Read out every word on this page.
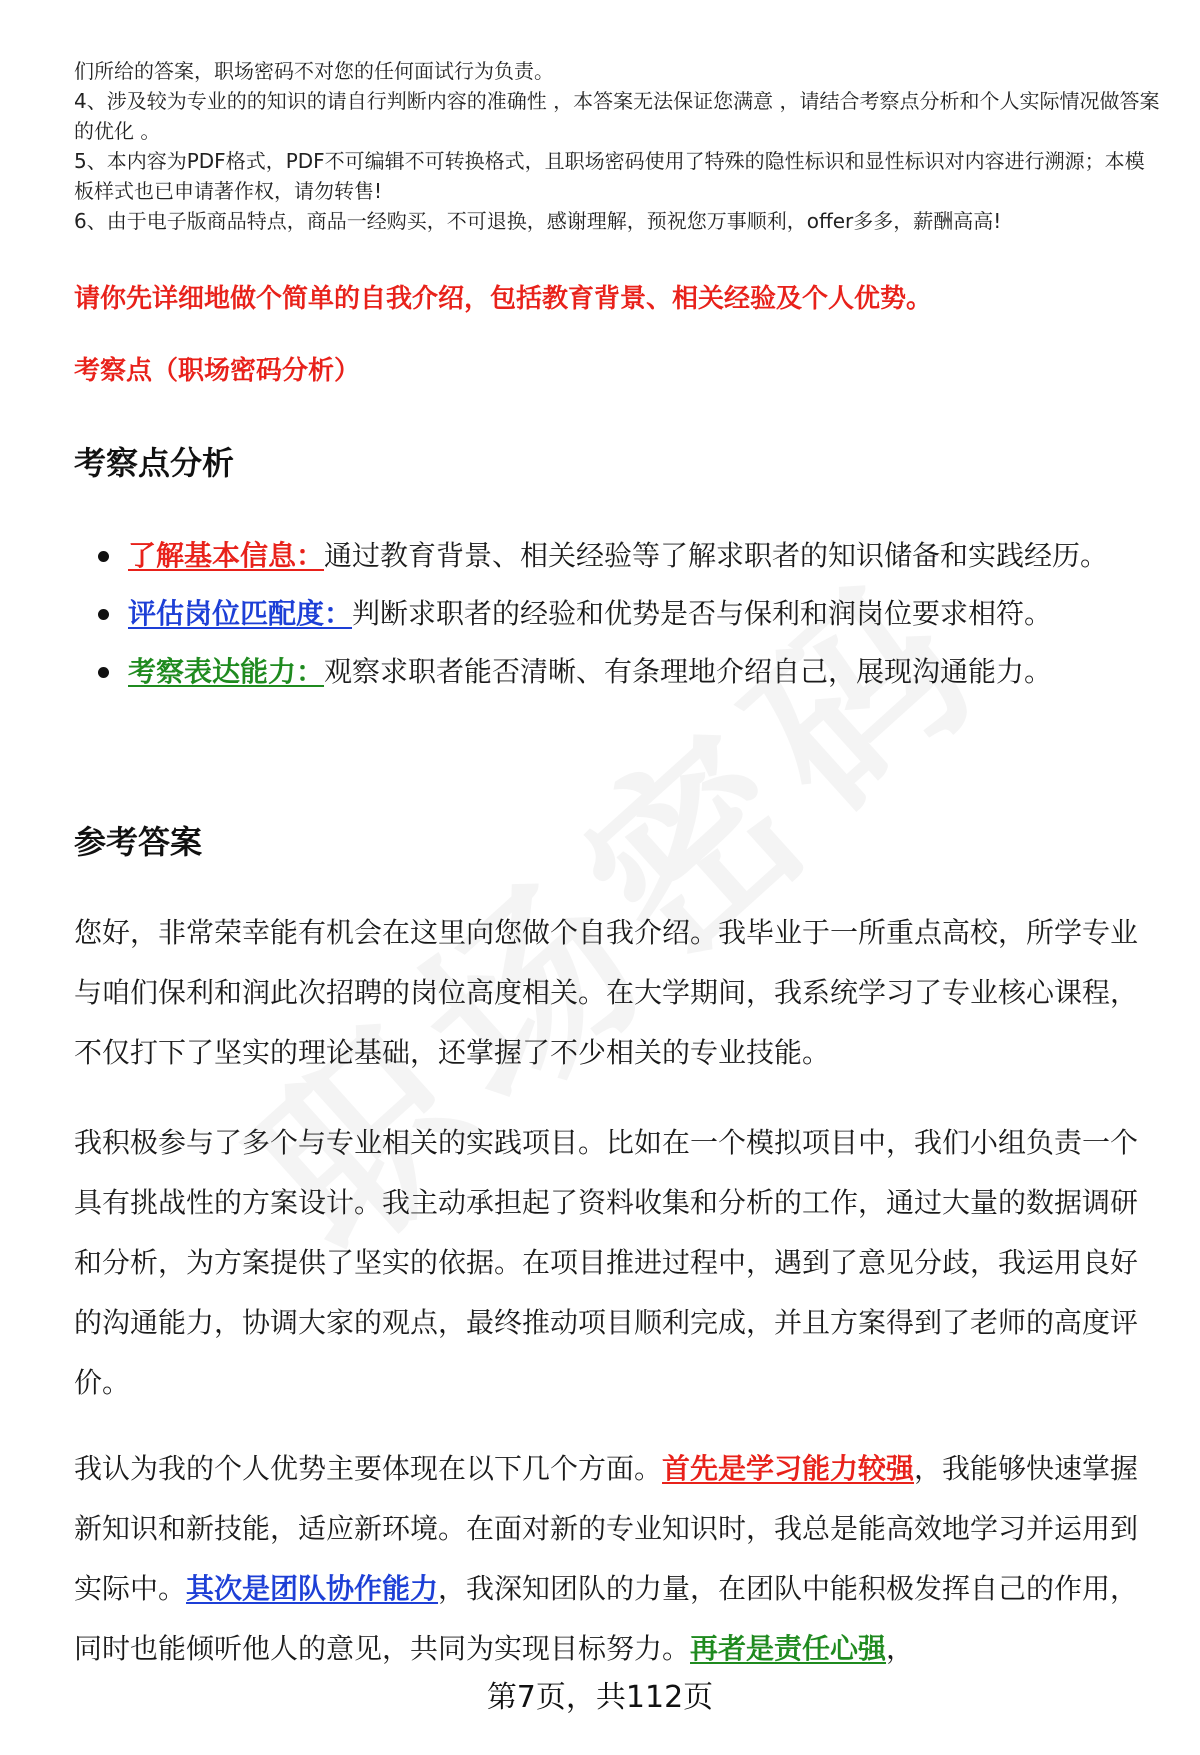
们所给的答案，职场密码不对您的任何面试行为负责。
4、涉及较为专业的的知识的请自行判断内容的准确性 ，本答案无法保证您满意 ，请结合考察点分析和个人实际情况做答案的优化 。
5、本内容为PDF格式，PDF不可编辑不可转换格式，且职场密码使用了特殊的隐性标识和显性标识对内容进行溯源；本模板样式也已申请著作权，请勿转售!
6、由于电子版商品特点，商品一经购买，不可退换，感谢理解，预祝您万事顺利，offer多多，薪酬高高!

请你先详细地做个简单的自我介绍，包括教育背景、相关经验及个人优势。

考察点（职场密码分析）

考察点分析
了解基本信息：通过教育背景、相关经验等了解求职者的知识储备和实践经历。
评估岗位匹配度：判断求职者的经验和优势是否与保利和润岗位要求相符。
考察表达能力：观察求职者能否清晰、有条理地介绍自己，展现沟通能力。
参考答案

您好，非常荣幸能有机会在这里向您做个自我介绍。我毕业于一所重点高校，所学专业与咱们保利和润此次招聘的岗位高度相关。在大学期间，我系统学习了专业核心课程，不仅打下了坚实的理论基础，还掌握了不少相关的专业技能。

我积极参与了多个与专业相关的实践项目。比如在一个模拟项目中，我们小组负责一个具有挑战性的方案设计。我主动承担起了资料收集和分析的工作，通过大量的数据调研和分析，为方案提供了坚实的依据。在项目推进过程中，遇到了意见分歧，我运用良好的沟通能力，协调大家的观点，最终推动项目顺利完成，并且方案得到了老师的高度评价。

我认为我的个人优势主要体现在以下几个方面。首先是学习能力较强，我能够快速掌握新知识和新技能，适应新环境。在面对新的专业知识时，我总是能高效地学习并运用到实际中。其次是团队协作能力，我深知团队的力量，在团队中能积极发挥自己的作用，同时也能倾听他人的意见，共同为实现目标努力。再者是责任心强，

第7页，共112页
